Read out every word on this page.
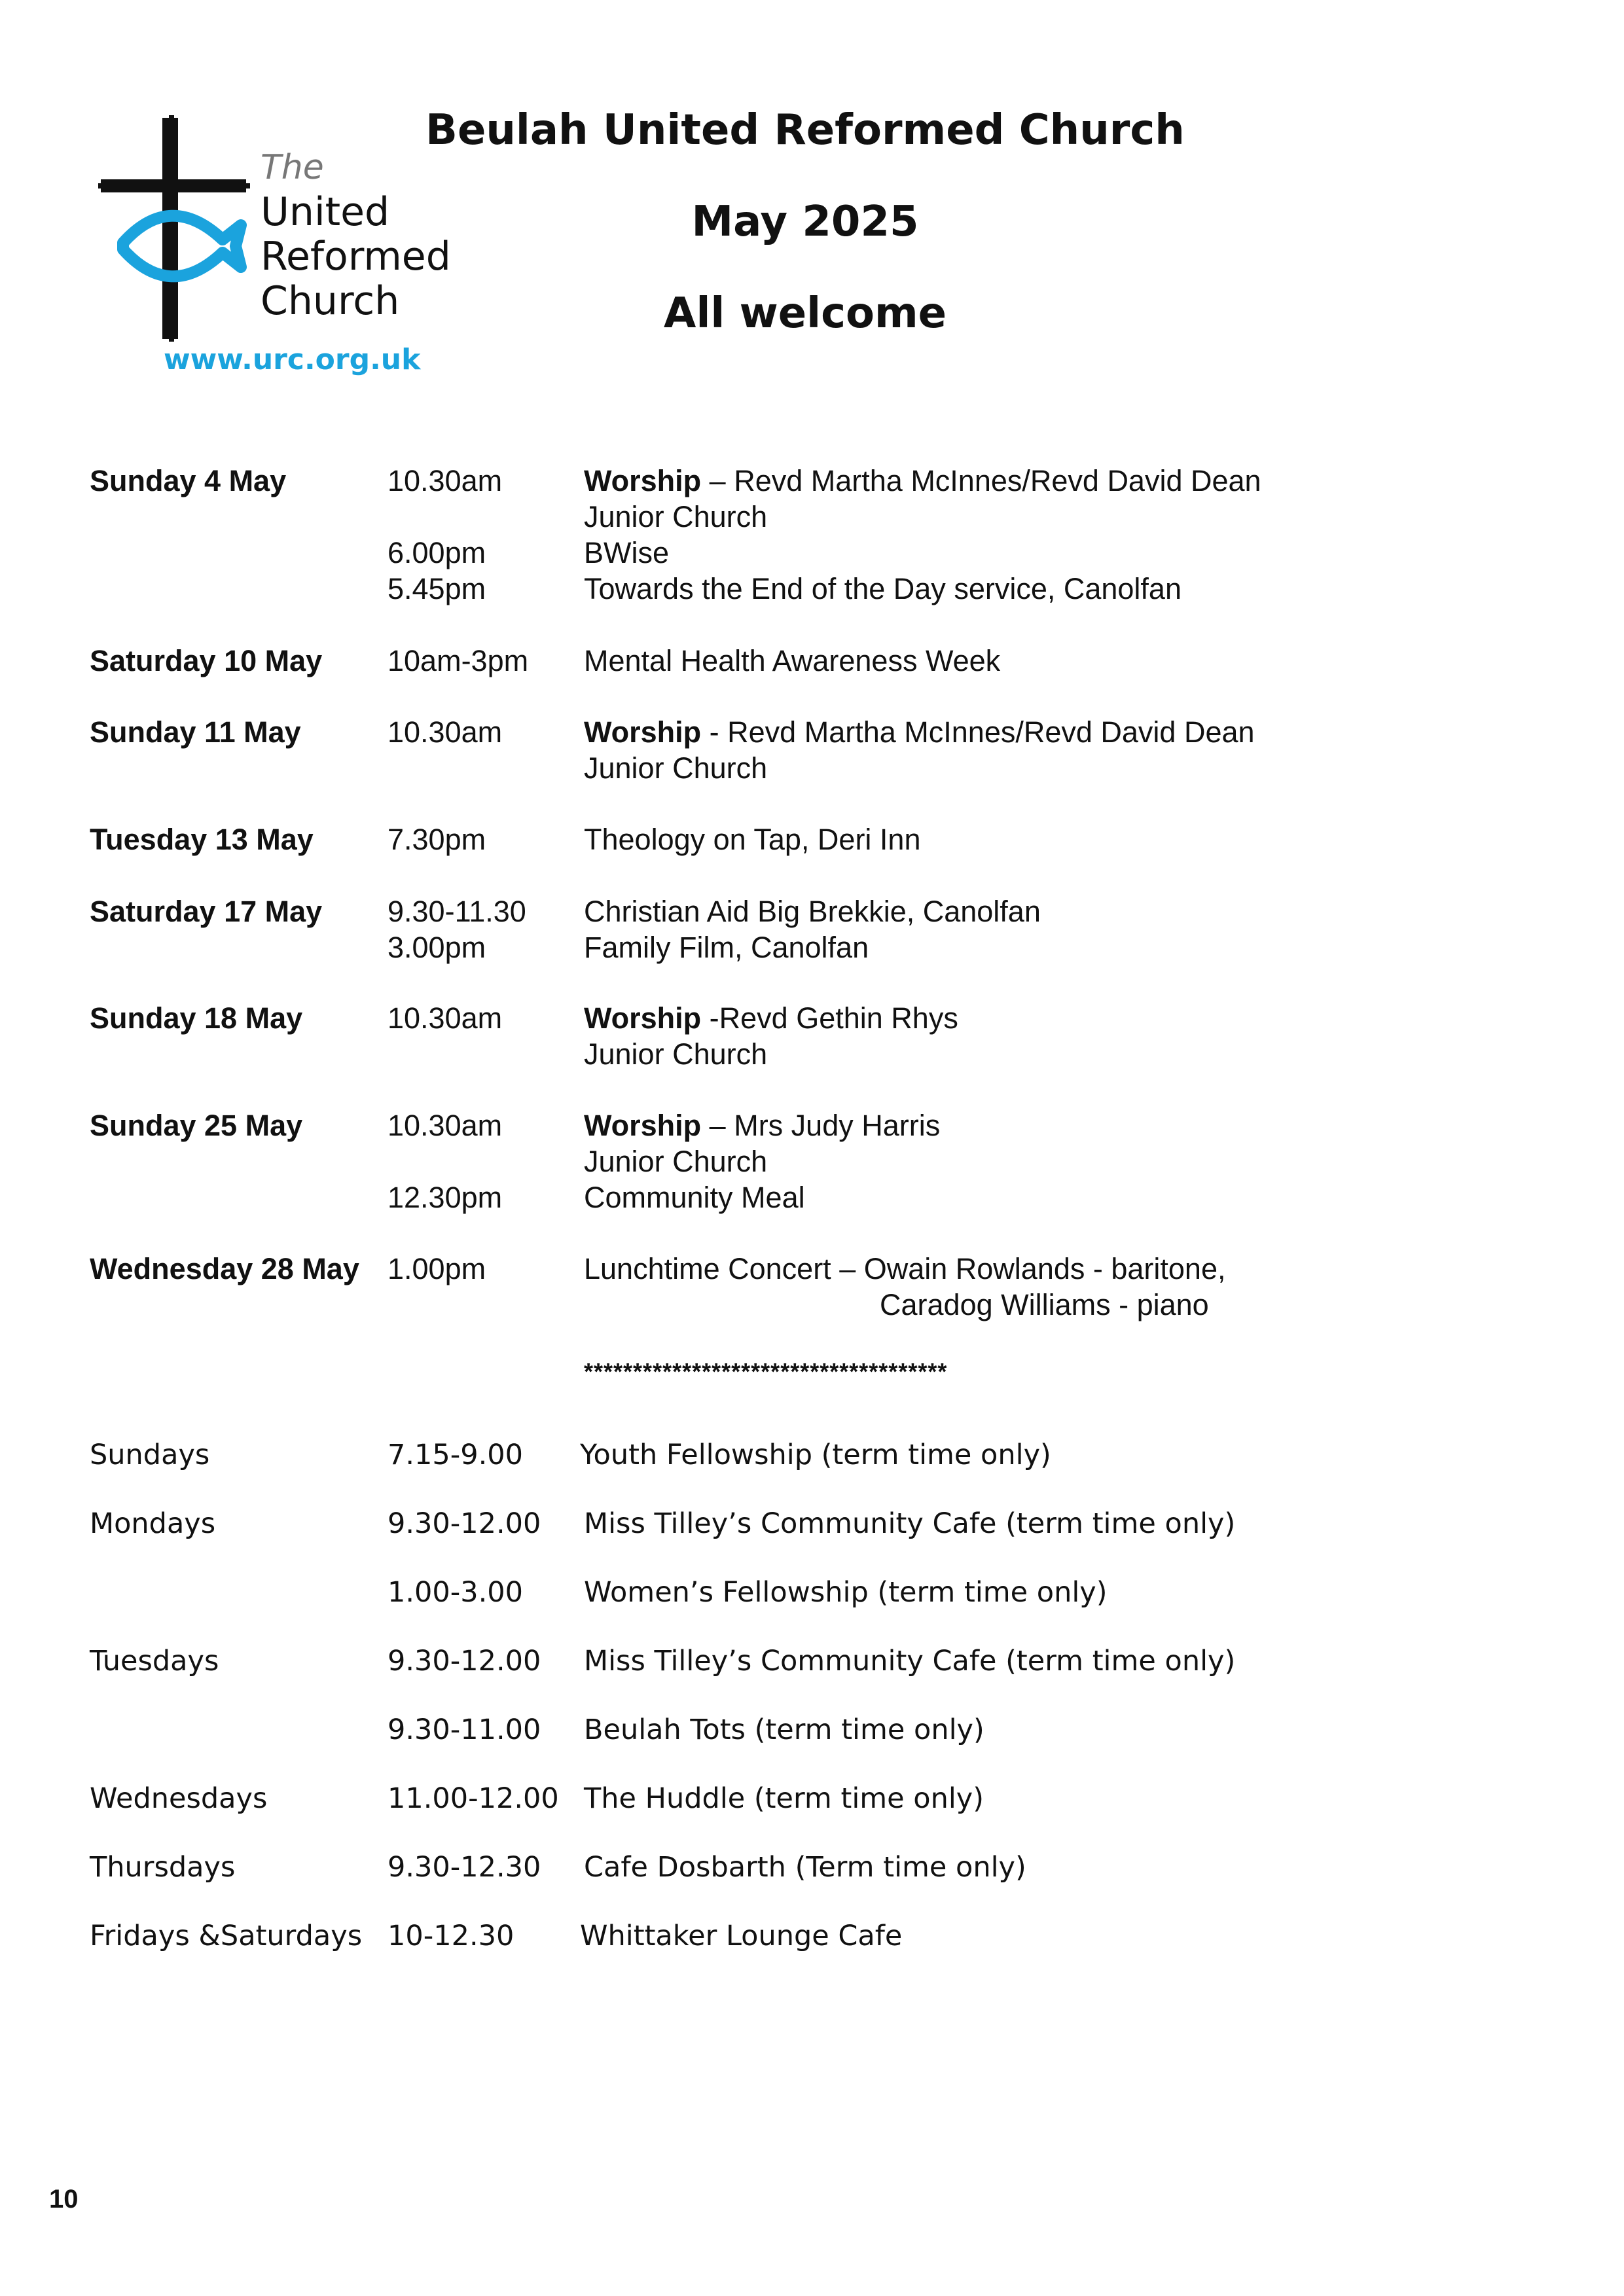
The
United
Reformed
Church
www.urc.org.uk
Beulah United Reformed Church
May 2025
All welcome
Sunday 4 May	10.30am	Worship – Revd Martha McInnes/Revd David Dean
Junior Church
6.00pm	BWise
5.45pm	Towards the End of the Day service, Canolfan
Saturday 10 May 10am-3pm Mental Health Awareness Week
Sunday 11 May	10.30am	Worship - Revd Martha McInnes/Revd David Dean
Junior Church
Tuesday 13 May	7.30pm	Theology on Tap, Deri Inn
Saturday 17 May 9.30-11.30 Christian Aid Big Brekkie, Canolfan
3.00pm	Family Film, Canolfan
Sunday 18 May	10.30am	Worship -Revd Gethin Rhys
Junior Church
Sunday 25 May	10.30am	Worship – Mrs Judy Harris
Junior Church
12.30pm	Community Meal
Wednesday 28 May 1.00pm	Lunchtime Concert – Owain Rowlands - baritone,
Caradog Williams - piano
*************************************
Sundays	7.15-9.00 Youth Fellowship (term time only)
Mondays	9.30-12.00 Miss Tilley’s Community Cafe (term time only)
1.00-3.00 Women’s Fellowship (term time only)
Tuesdays	9.30-12.00 Miss Tilley’s Community Cafe (term time only)
9.30-11.00 Beulah Tots (term time only)
Wednesdays	11.00-12.00 The Huddle (term time only)
Thursdays	9.30-12.30 Cafe Dosbarth (Term time only)
Fridays &Saturdays 10-12.30 Whittaker Lounge Cafe
10
